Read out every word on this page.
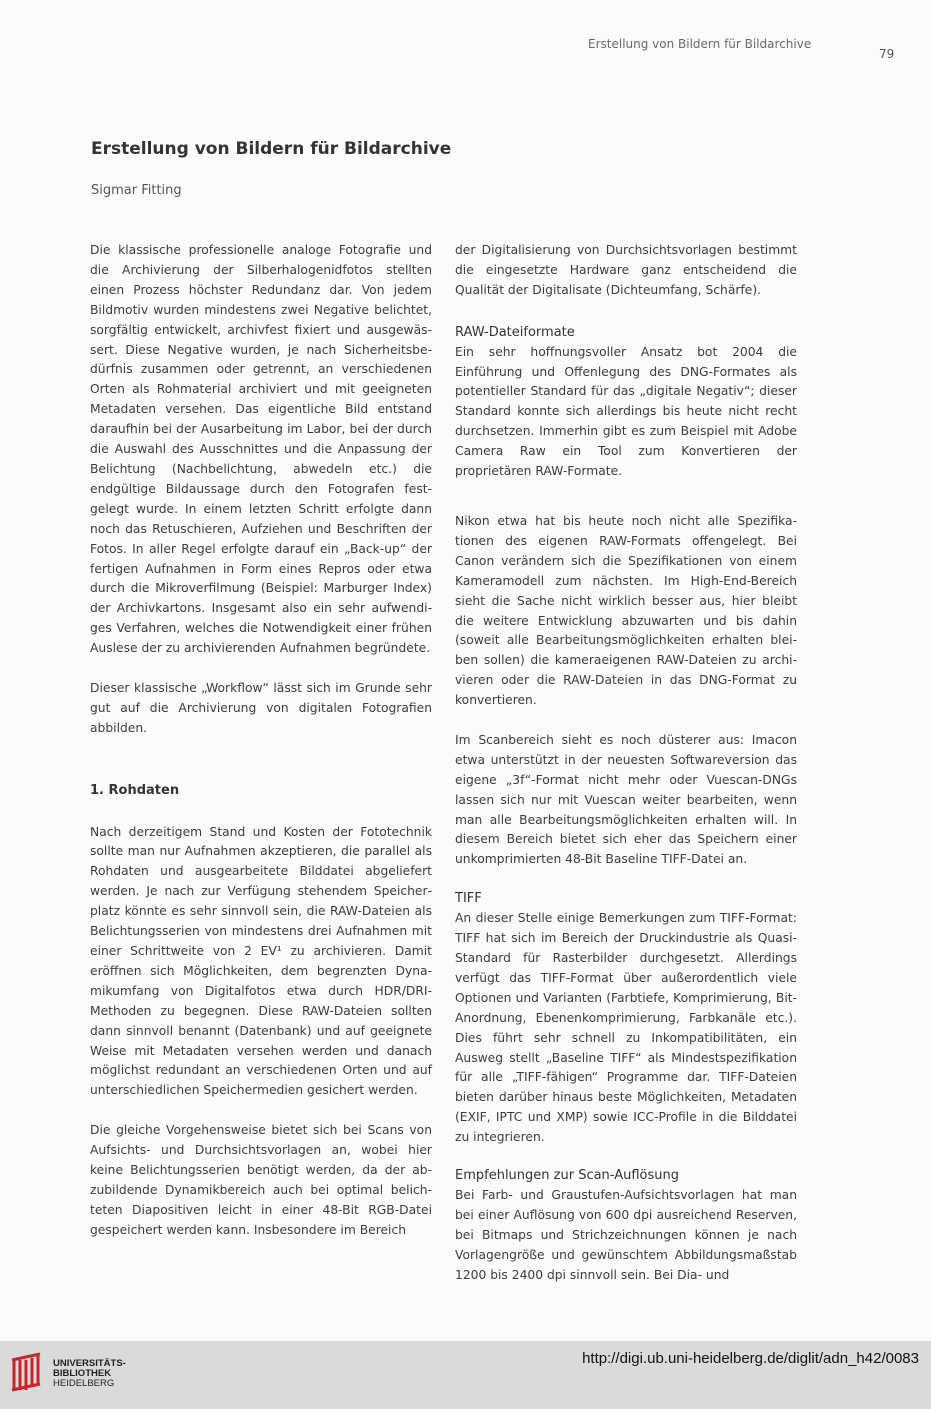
Erstellung von Bildern für Bildarchive
79
Erstellung von Bildern für Bildarchive
Sigmar Fitting

Die klassische professionelle analoge Fotografie und die Archivierung der Silberhalogenidfotos stellten einen Prozess höchster Redundanz dar. Von jedem Bildmotiv wurden mindestens zwei Negative belichtet, sorgfältig entwickelt, archivfest fixiert und ausgewässert. Diese Negative wurden, je nach Sicherheitsbedürfnis zusammen oder getrennt, an verschiedenen Orten als Rohmaterial archiviert und mit geeigneten Metadaten versehen. Das eigentliche Bild entstand daraufhin bei der Ausarbeitung im Labor, bei der durch die Auswahl des Ausschnittes und die Anpassung der Belichtung (Nachbelichtung, abwedeln etc.) die endgültige Bildaussage durch den Fotografen festgelegt wurde. In einem letzten Schritt erfolgte dann noch das Retuschieren, Aufziehen und Beschriften der Fotos. In aller Regel erfolgte darauf ein „Back-up“ der fertigen Aufnahmen in Form eines Repros oder etwa durch die Mikroverfilmung (Beispiel: Marburger Index) der Archivkartons. Insgesamt also ein sehr aufwendiges Verfahren, welches die Notwendigkeit einer frühen Auslese der zu archivierenden Aufnahmen begründete.

Dieser klassische „Workflow“ lässt sich im Grunde sehr gut auf die Archivierung von digitalen Fotografien abbilden.

1. Rohdaten

Nach derzeitigem Stand und Kosten der Fototechnik sollte man nur Aufnahmen akzeptieren, die parallel als Rohdaten und ausgearbeitete Bilddatei abgeliefert werden. Je nach zur Verfügung stehendem Speicherplatz könnte es sehr sinnvoll sein, die RAW-Dateien als Belichtungsserien von mindestens drei Aufnahmen mit einer Schrittweite von 2 EV¹ zu archivieren. Damit eröffnen sich Möglichkeiten, dem begrenzten Dynamikumfang von Digitalfotos etwa durch HDR/DRI-Methoden zu begegnen. Diese RAW-Dateien sollten dann sinnvoll benannt (Datenbank) und auf geeignete Weise mit Metadaten versehen werden und danach möglichst redundant an verschiedenen Orten und auf unterschiedlichen Speichermedien gesichert werden.

Die gleiche Vorgehensweise bietet sich bei Scans von Aufsichts- und Durchsichtsvorlagen an, wobei hier keine Belichtungsserien benötigt werden, da der abzubildende Dynamikbereich auch bei optimal belichteten Diapositiven leicht in einer 48-Bit RGB-Datei gespeichert werden kann. Insbesondere im Bereich

der Digitalisierung von Durchsichtsvorlagen bestimmt die eingesetzte Hardware ganz entscheidend die Qualität der Digitalisate (Dichteumfang, Schärfe).

RAW-Dateiformate

Ein sehr hoffnungsvoller Ansatz bot 2004 die Einführung und Offenlegung des DNG-Formates als potentieller Standard für das „digitale Negativ“; dieser Standard konnte sich allerdings bis heute nicht recht durchsetzen. Immerhin gibt es zum Beispiel mit Adobe Camera Raw ein Tool zum Konvertieren der proprietären RAW-Formate.

Nikon etwa hat bis heute noch nicht alle Spezifikationen des eigenen RAW-Formats offengelegt. Bei Canon verändern sich die Spezifikationen von einem Kameramodell zum nächsten. Im High-End-Bereich sieht die Sache nicht wirklich besser aus, hier bleibt die weitere Entwicklung abzuwarten und bis dahin (soweit alle Bearbeitungsmöglichkeiten erhalten bleiben sollen) die kameraeigenen RAW-Dateien zu archivieren oder die RAW-Dateien in das DNG-Format zu konvertieren.

Im Scanbereich sieht es noch düsterer aus: Imacon etwa unterstützt in der neuesten Softwareversion das eigene „3f“-Format nicht mehr oder Vuescan-DNGs lassen sich nur mit Vuescan weiter bearbeiten, wenn man alle Bearbeitungsmöglichkeiten erhalten will. In diesem Bereich bietet sich eher das Speichern einer unkomprimierten 48-Bit Baseline TIFF-Datei an.

TIFF

An dieser Stelle einige Bemerkungen zum TIFF-Format: TIFF hat sich im Bereich der Druckindustrie als Quasi-Standard für Rasterbilder durchgesetzt. Allerdings verfügt das TIFF-Format über außerordentlich viele Optionen und Varianten (Farbtiefe, Komprimierung, Bit-Anordnung, Ebenenkomprimierung, Farbkanäle etc.). Dies führt sehr schnell zu Inkompatibilitäten, ein Ausweg stellt „Baseline TIFF“ als Mindestspezifikation für alle „TIFF-fähigen“ Programme dar. TIFF-Dateien bieten darüber hinaus beste Möglichkeiten, Metadaten (EXIF, IPTC und XMP) sowie ICC-Profile in die Bilddatei zu integrieren.

Empfehlungen zur Scan-Auflösung

Bei Farb- und Graustufen-Aufsichtsvorlagen hat man bei einer Auflösung von 600 dpi ausreichend Reserven, bei Bitmaps und Strichzeichnungen können je nach Vorlagengröße und gewünschtem Abbildungsmaßstab 1200 bis 2400 dpi sinnvoll sein. Bei Dia- und

UNIVERSITÄTS-
BIBLIOTHEK
HEIDELBERG
http://digi.ub.uni-heidelberg.de/diglit/adn_h42/0083
